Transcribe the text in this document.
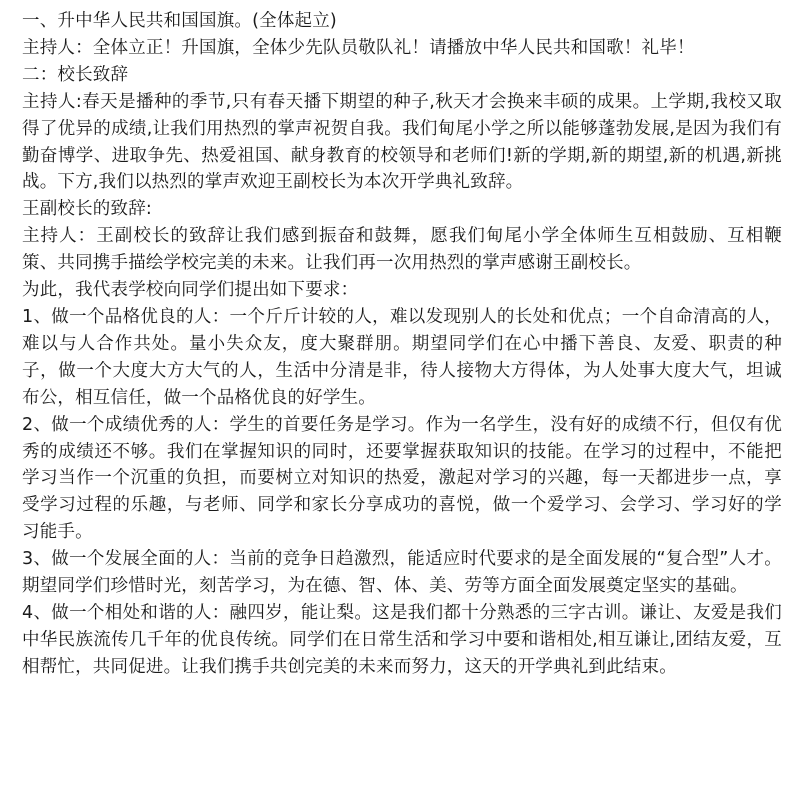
一、升中华人民共和国国旗。(全体起立)
主持人：全体立正！升国旗，全体少先队员敬队礼！请播放中华人民共和国歌！礼毕！
二：校长致辞
主持人:春天是播种的季节,只有春天播下期望的种子,秋天才会换来丰硕的成果。上学期,我校又取得了优异的成绩,让我们用热烈的掌声祝贺自我。我们甸尾小学之所以能够蓬勃发展,是因为我们有勤奋博学、进取争先、热爱祖国、献身教育的校领导和老师们!新的学期,新的期望,新的机遇,新挑战。下方,我们以热烈的掌声欢迎王副校长为本次开学典礼致辞。
王副校长的致辞:
主持人：王副校长的致辞让我们感到振奋和鼓舞，愿我们甸尾小学全体师生互相鼓励、互相鞭策、共同携手描绘学校完美的未来。让我们再一次用热烈的掌声感谢王副校长。
为此，我代表学校向同学们提出如下要求：
1、做一个品格优良的人：一个斤斤计较的人，难以发现别人的长处和优点；一个自命清高的人，难以与人合作共处。量小失众友，度大聚群朋。期望同学们在心中播下善良、友爱、职责的种子，做一个大度大方大气的人，生活中分清是非，待人接物大方得体，为人处事大度大气，坦诚布公，相互信任，做一个品格优良的好学生。
2、做一个成绩优秀的人：学生的首要任务是学习。作为一名学生，没有好的成绩不行，但仅有优秀的成绩还不够。我们在掌握知识的同时，还要掌握获取知识的技能。在学习的过程中，不能把学习当作一个沉重的负担，而要树立对知识的热爱，激起对学习的兴趣，每一天都进步一点，享受学习过程的乐趣，与老师、同学和家长分享成功的喜悦，做一个爱学习、会学习、学习好的学习能手。
3、做一个发展全面的人：当前的竞争日趋激烈，能适应时代要求的是全面发展的“复合型”人才。期望同学们珍惜时光，刻苦学习，为在德、智、体、美、劳等方面全面发展奠定坚实的基础。
4、做一个相处和谐的人：融四岁，能让梨。这是我们都十分熟悉的三字古训。谦让、友爱是我们中华民族流传几千年的优良传统。同学们在日常生活和学习中要和谐相处,相互谦让,团结友爱，互相帮忙，共同促进。让我们携手共创完美的未来而努力，这天的开学典礼到此结束。
